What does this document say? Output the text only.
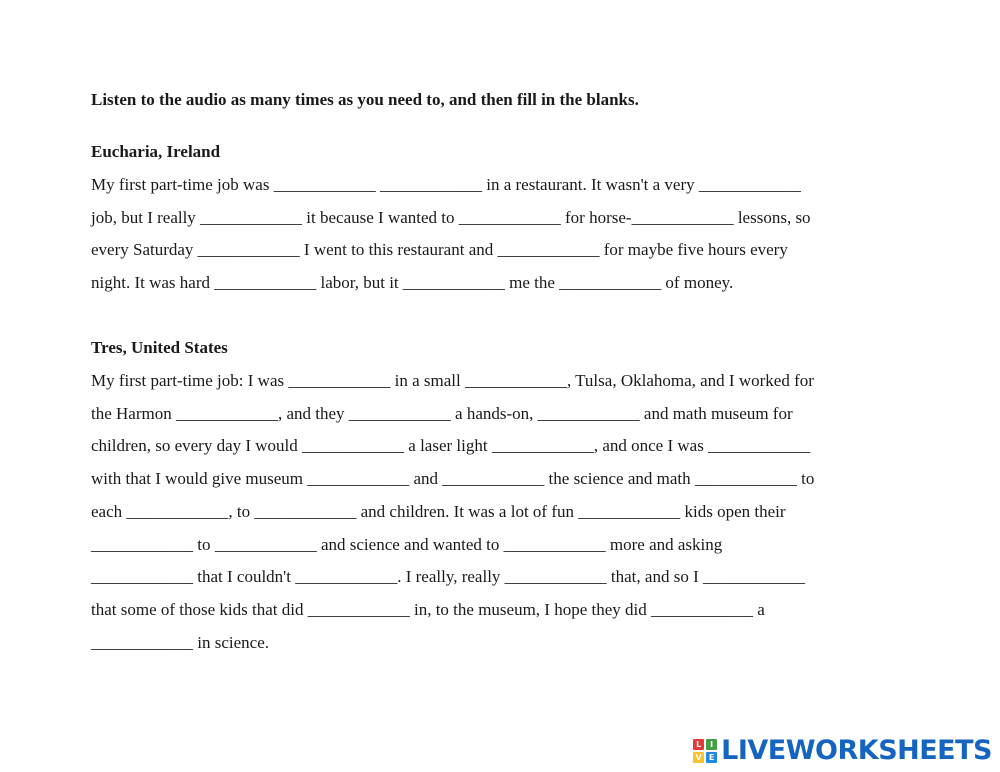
Listen to the audio as many times as you need to, and then fill in the blanks.
Eucharia, Ireland
My first part-time job was ____________ ____________ in a restaurant. It wasn't a very ____________
job, but I really ____________ it because I wanted to ____________ for horse-____________ lessons, so
every Saturday ____________ I went to this restaurant and ____________ for maybe five hours every
night. It was hard ____________ labor, but it ____________ me the ____________ of money.
Tres, United States
My first part-time job: I was ____________ in a small ____________, Tulsa, Oklahoma, and I worked for
the Harmon ____________, and they ____________ a hands-on, ____________ and math museum for
children, so every day I would ____________ a laser light ____________, and once I was ____________
with that I would give museum ____________ and ____________ the science and math ____________ to
each ____________, to ____________ and children. It was a lot of fun ____________ kids open their
____________ to ____________ and science and wanted to ____________ more and asking
____________ that I couldn't ____________. I really, really ____________ that, and so I ____________
that some of those kids that did ____________ in, to the museum, I hope they did ____________ a
____________ in science.
L	I
V E LIVEWORKSHEETS
